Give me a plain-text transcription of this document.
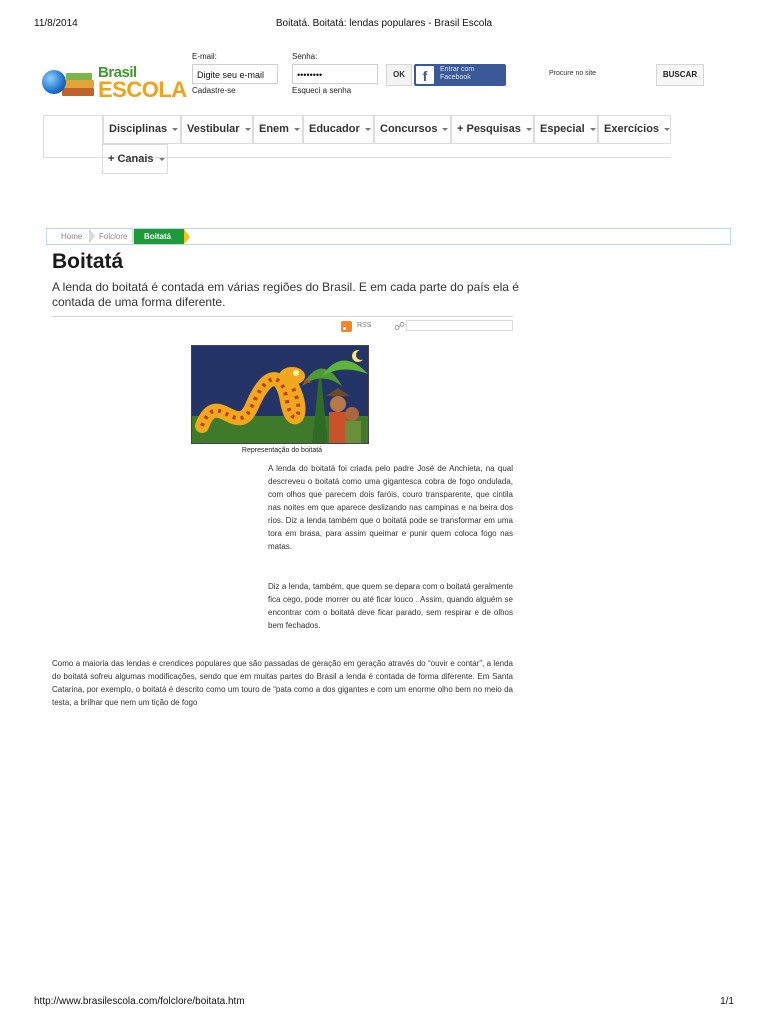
11/8/2014	Boitatá. Boitatá: lendas populares - Brasil Escola
Brasil
ESCOLA
E-mail:
Digite seu e-mail
Cadastre-se
Senha:
••••••••
Esqueci a senha
OK	f	Entrar com Facebook
Procure no site	BUSCAR
Disciplinas	Vestibular	Enem	Educador	Concursos	+ Pesquisas	Especial	Exercícios
+ Canais
Home Folclore	Boitatá
Boitatá

A lenda do boitatá é contada em várias regiões do Brasil. E em cada parte do país ela é contada de uma forma diferente.

RSS ☍
Representação do boitatá

A lenda do boitatá foi criada pelo padre José de Anchieta, na qual descreveu o boitatá como uma gigantesca cobra de fogo ondulada, com olhos que parecem dois faróis, couro transparente, que cintila nas noites em que aparece deslizando nas campinas e na beira dos rios. Diz a lenda também que o boitatá pode se transformar em uma tora em brasa, para assim queimar e punir quem coloca fogo nas matas.

Diz a lenda, também, que quem se depara com o boitatá geralmente fica cego, pode morrer ou até ficar louco . Assim, quando alguém se encontrar com o boitatá deve ficar parado, sem respirar e de olhos bem fechados.

Como a maioria das lendas e crendices populares que são passadas de geração em geração através do “ouvir e contar”, a lenda do boitatá sofreu algumas modificações, sendo que em muitas partes do Brasil a lenda é contada de forma diferente. Em Santa Catarina, por exemplo, o boitatá é descrito como um touro de “pata como a dos gigantes e com um enorme olho bem no meio da testa, a brilhar que nem um tição de fogo

http://www.brasilescola.com/folclore/boitata.htm	1/1
